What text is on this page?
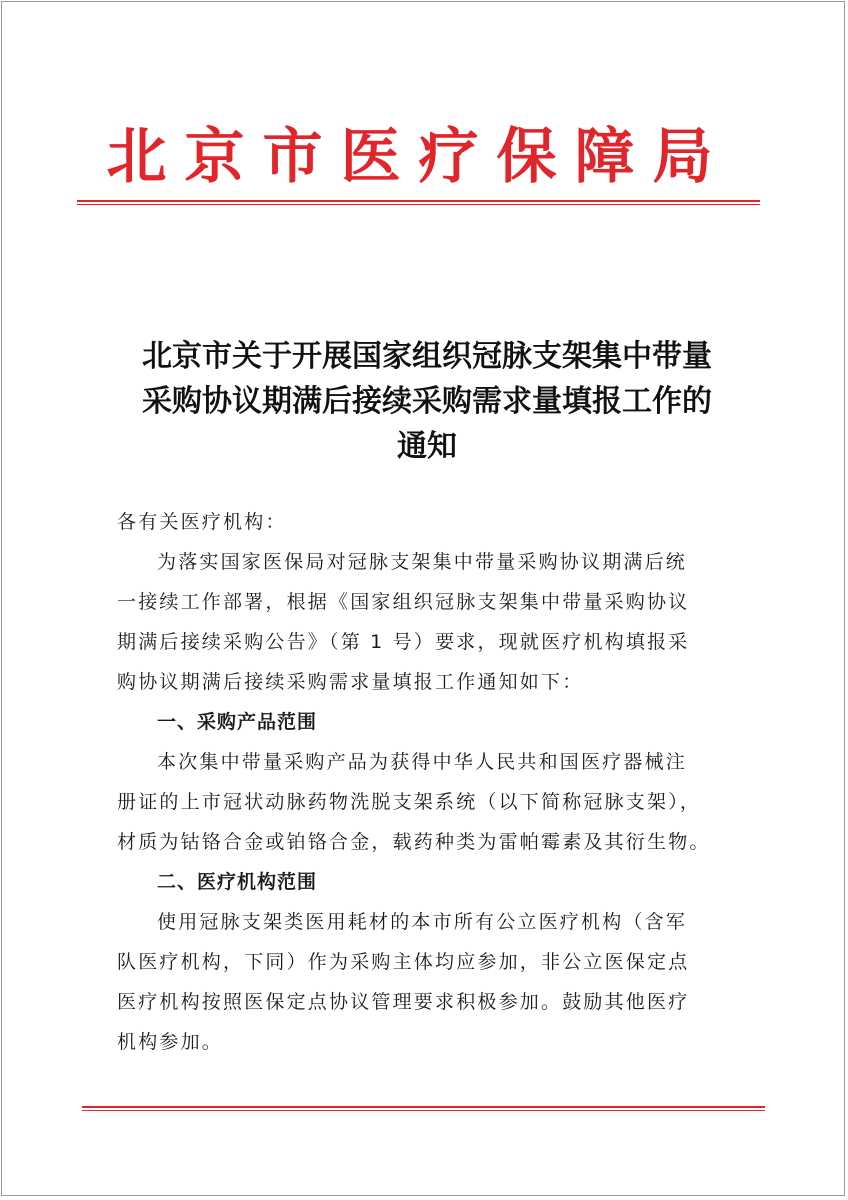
北京市医疗保障局
北京市关于开展国家组织冠脉支架集中带量
采购协议期满后接续采购需求量填报工作的
通知

各有关医疗机构：

为落实国家医保局对冠脉支架集中带量采购协议期满后统

一接续工作部署，根据《国家组织冠脉支架集中带量采购协议

期满后接续采购公告》（第 1 号）要求，现就医疗机构填报采

购协议期满后接续采购需求量填报工作通知如下：

一、采购产品范围

本次集中带量采购产品为获得中华人民共和国医疗器械注

册证的上市冠状动脉药物洗脱支架系统（以下简称冠脉支架），

材质为钴铬合金或铂铬合金，载药种类为雷帕霉素及其衍生物。

二、医疗机构范围

使用冠脉支架类医用耗材的本市所有公立医疗机构（含军

队医疗机构，下同）作为采购主体均应参加，非公立医保定点

医疗机构按照医保定点协议管理要求积极参加。鼓励其他医疗

机构参加。
